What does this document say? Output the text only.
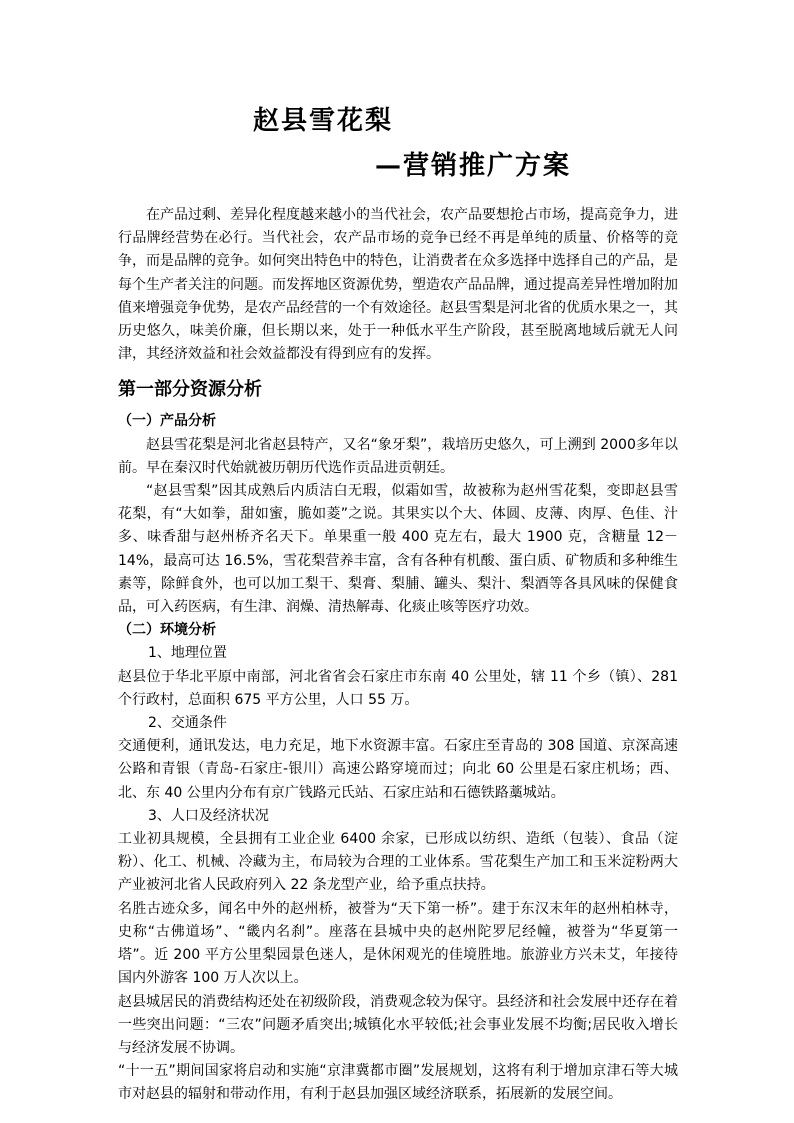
赵县雪花梨
—营销推广方案

在产品过剩、差异化程度越来越小的当代社会，农产品要想抢占市场，提高竞争力，进行品牌经营势在必行。当代社会，农产品市场的竞争已经不再是单纯的质量、价格等的竞争，而是品牌的竞争。如何突出特色中的特色，让消费者在众多选择中选择自己的产品，是每个生产者关注的问题。而发挥地区资源优势，塑造农产品品牌，通过提高差异性增加附加值来增强竞争优势，是农产品经营的一个有效途径。赵县雪梨是河北省的优质水果之一，其历史悠久，味美价廉，但长期以来，处于一种低水平生产阶段，甚至脱离地域后就无人问津，其经济效益和社会效益都没有得到应有的发挥。

第一部分资源分析

（一）产品分析

赵县雪花梨是河北省赵县特产，又名“象牙梨”，栽培历史悠久，可上溯到 2000多年以前。早在秦汉时代始就被历朝历代选作贡品进贡朝廷。

“赵县雪梨”因其成熟后内质洁白无瑕，似霜如雪，故被称为赵州雪花梨，变即赵县雪花梨，有“大如拳，甜如蜜，脆如菱”之说。其果实以个大、体圆、皮薄、肉厚、色佳、汁多、味香甜与赵州桥齐名天下。单果重一般 400 克左右，最大 1900 克，含糖量 12－14%，最高可达 16.5%，雪花梨营养丰富，含有各种有机酸、蛋白质、矿物质和多种维生素等，除鲜食外，也可以加工梨干、梨膏、梨脯、罐头、梨汁、梨酒等各具风味的保健食品，可入药医病，有生津、润燥、清热解毒、化痰止咳等医疗功效。

（二）环境分析

1、地理位置

赵县位于华北平原中南部，河北省省会石家庄市东南 40 公里处，辖 11 个乡（镇）、281 个行政村，总面积 675 平方公里，人口 55 万。

2、交通条件

交通便利，通讯发达，电力充足，地下水资源丰富。石家庄至青岛的 308 国道、京深高速公路和青银（青岛-石家庄-银川）高速公路穿境而过；向北 60 公里是石家庄机场；西、北、东 40 公里内分布有京广钱路元氏站、石家庄站和石德铁路藁城站。

3、人口及经济状况

工业初具规模，全县拥有工业企业 6400 余家，已形成以纺织、造纸（包装）、食品（淀粉）、化工、机械、冷藏为主，布局较为合理的工业体系。雪花梨生产加工和玉米淀粉两大产业被河北省人民政府列入 22 条龙型产业，给予重点扶持。

名胜古迹众多，闻名中外的赵州桥，被誉为“天下第一桥”。建于东汉末年的赵州柏林寺，史称“古佛道场”、“畿内名刹”。座落在县城中央的赵州陀罗尼经幢，被誉为“华夏第一塔”。近 200 平方公里梨园景色迷人，是休闲观光的佳境胜地。旅游业方兴未艾，年接待国内外游客 100 万人次以上。

赵县城居民的消费结构还处在初级阶段，消费观念较为保守。县经济和社会发展中还存在着一些突出问题：“三农”问题矛盾突出;城镇化水平较低;社会事业发展不均衡;居民收入增长与经济发展不协调。

“十一五”期间国家将启动和实施“京津冀都市圈”发展规划，这将有利于增加京津石等大城市对赵县的辐射和带动作用，有利于赵县加强区域经济联系，拓展新的发展空间。
